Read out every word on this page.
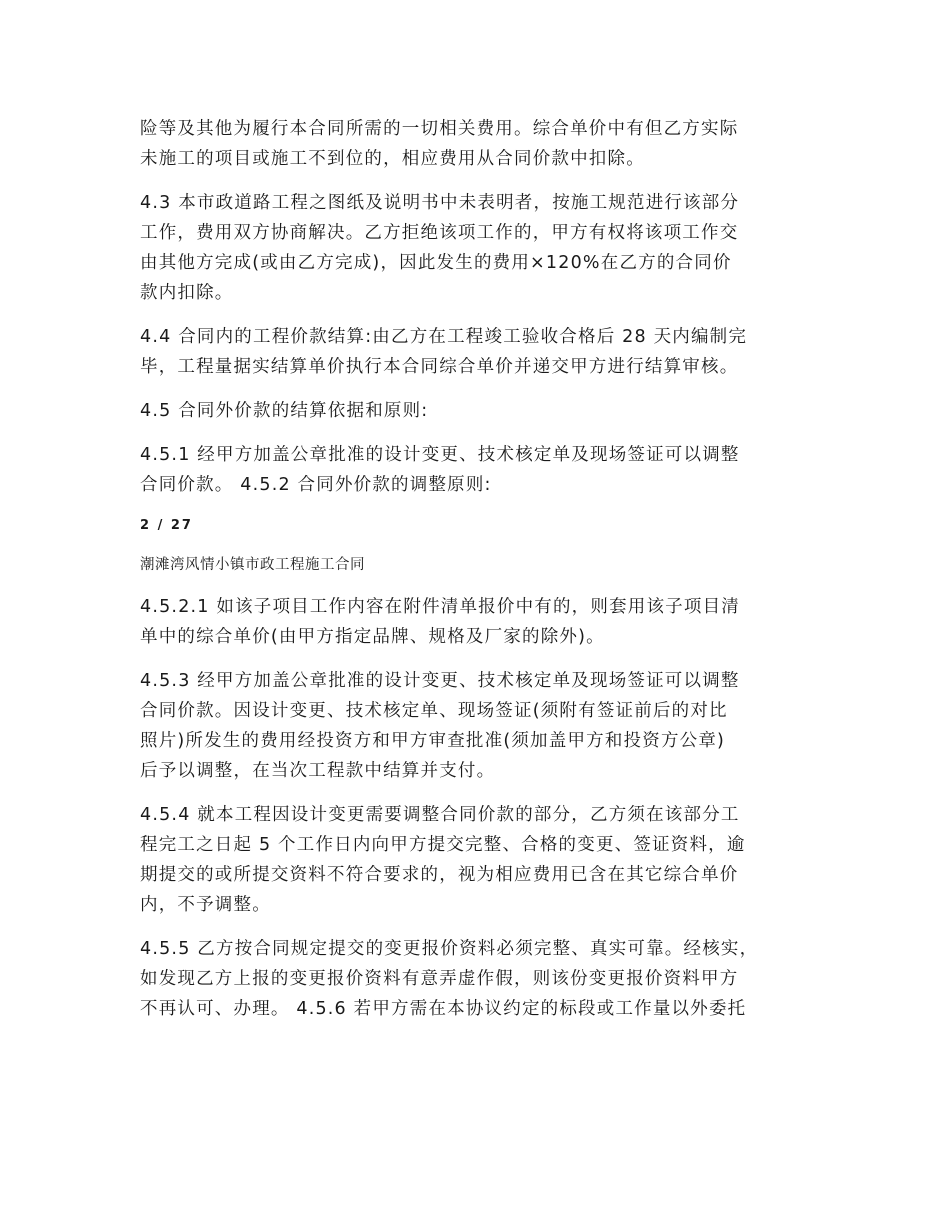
险等及其他为履行本合同所需的一切相关费用。综合单价中有但乙方实际
未施工的项目或施工不到位的，相应费用从合同价款中扣除。

4.3 本市政道路工程之图纸及说明书中未表明者，按施工规范进行该部分
工作，费用双方协商解决。乙方拒绝该项工作的，甲方有权将该项工作交
由其他方完成(或由乙方完成)，因此发生的费用×120%在乙方的合同价
款内扣除。

4.4 合同内的工程价款结算:由乙方在工程竣工验收合格后 28 天内编制完
毕，工程量据实结算单价执行本合同综合单价并递交甲方进行结算审核。

4.5 合同外价款的结算依据和原则:

4.5.1 经甲方加盖公章批准的设计变更、技术核定单及现场签证可以调整
合同价款。 4.5.2 合同外价款的调整原则:

2 / 27

潮滩湾风情小镇市政工程施工合同

4.5.2.1 如该子项目工作内容在附件清单报价中有的，则套用该子项目清
单中的综合单价(由甲方指定品牌、规格及厂家的除外)。

4.5.3 经甲方加盖公章批准的设计变更、技术核定单及现场签证可以调整
合同价款。因设计变更、技术核定单、现场签证(须附有签证前后的对比
照片)所发生的费用经投资方和甲方审查批准(须加盖甲方和投资方公章)
后予以调整，在当次工程款中结算并支付。

4.5.4 就本工程因设计变更需要调整合同价款的部分，乙方须在该部分工
程完工之日起 5 个工作日内向甲方提交完整、合格的变更、签证资料，逾
期提交的或所提交资料不符合要求的，视为相应费用已含在其它综合单价
内，不予调整。

4.5.5 乙方按合同规定提交的变更报价资料必须完整、真实可靠。经核实，
如发现乙方上报的变更报价资料有意弄虚作假，则该份变更报价资料甲方
不再认可、办理。 4.5.6 若甲方需在本协议约定的标段或工作量以外委托
